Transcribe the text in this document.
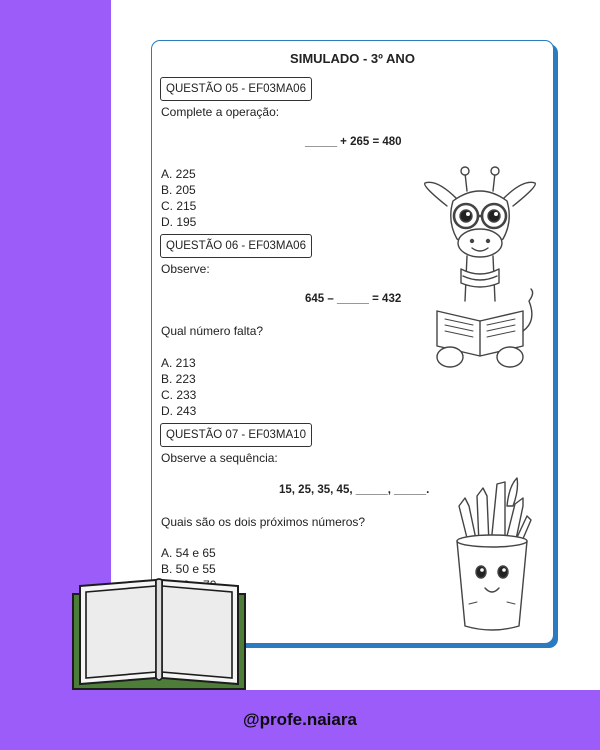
@profe.naiara
SIMULADO - 3º ANO
QUESTÃO 05 - EF03MA06
Complete a operação:
_____ + 265 = 480
A. 225
B. 205
C. 215
D. 195
QUESTÃO 06 - EF03MA06
Observe:
645 – _____ = 432
Qual número falta?
A. 213
B. 223
C. 233
D. 243
QUESTÃO 07 - EF03MA10
Observe a sequência:
15, 25, 35, 45, _____, _____.
Quais são os dois próximos números?
A. 54 e 65
B. 50 e 55
